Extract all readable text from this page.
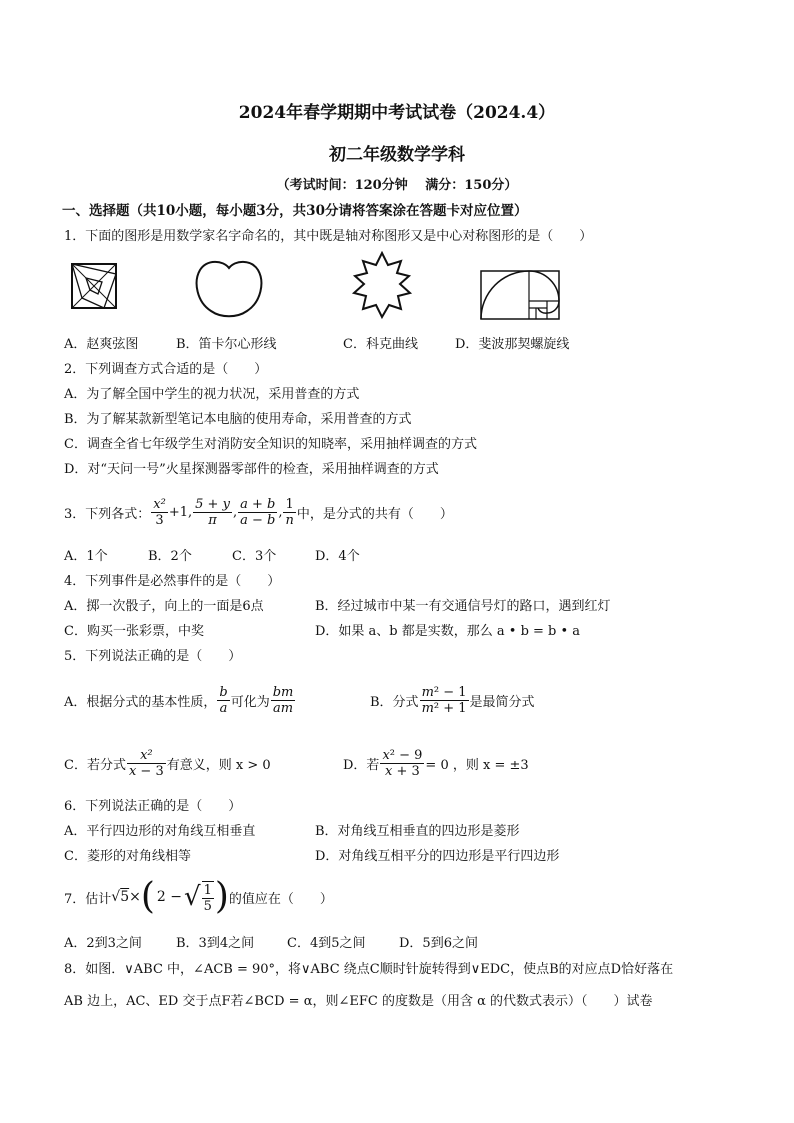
2024年春学期期中考试试卷（2024.4）
初二年级数学学科
（考试时间：120分钟　 满分：150分）
一、选择题（共10小题，每小题3分，共30分请将答案涂在答题卡对应位置）
1．下面的图形是用数学家名字命名的，其中既是轴对称图形又是中心对称图形的是（　　）
A．赵爽弦图	B．笛卡尔心形线	C．科克曲线	D．斐波那契螺旋线
2．下列调查方式合适的是（　　）
A．为了解全国中学生的视力状况，采用普查的方式
B．为了解某款新型笔记本电脑的使用寿命，采用普查的方式
C．调查全省七年级学生对消防安全知识的知晓率，采用抽样调查的方式
D．对“天问一号”火星探测器零部件的检查，采用抽样调查的方式
3．下列各式： $\frac{\text{x²}}{3} +1$, $\frac{5 + y}{\pi}$ , $\frac{a + b}{a - b}$ , $\frac{1}{n}$ 中，是分式的共有（　　）
A．1个	B．2个	C．3个	D．4个
4．下列事件是必然事件的是（　　）
A．掷一次骰子，向上的一面是6点	B．经过城市中某一有交通信号灯的路口，遇到红灯
C．购买一张彩票，中奖	D．如果 a、b 都是实数，那么 a • b = b • a
5．下列说法正确的是（　　）
A．根据分式的基本性质， $\frac{b}{a}$ 可化为 $\frac{bm}{am}$	B．分式 $\frac{\text{m² − 1}}{\text{m² + 1}}$ 是最简分式
C．若分式 $\frac{\text{x²}}{x - 3}$ 有意义，则 x > 0	D．若 $\frac{\text{x² − 9}}{x + 3} = 0$ ，则 x = ±3
6．下列说法正确的是（　　）
A．平行四边形的对角线互相垂直	B．对角线互相垂直的四边形是菱形
C．菱形的对角线相等	D．对角线互相平分的四边形是平行四边形
7．估计 √5× ( 2 − √ $\frac{1}{5}$ ) 的值应在（　　）
A．2到3之间	B．3到4之间	C．4到5之间	D．5到6之间
8．如图．∨ABC 中，∠ACB = 90°，将∨ABC 绕点C顺时针旋转得到∨EDC，使点B的对应点D恰好落在
AB 边上，AC、ED 交于点F若∠BCD = α，则∠EFC 的度数是（用含 α 的代数式表示）（　　）试卷
